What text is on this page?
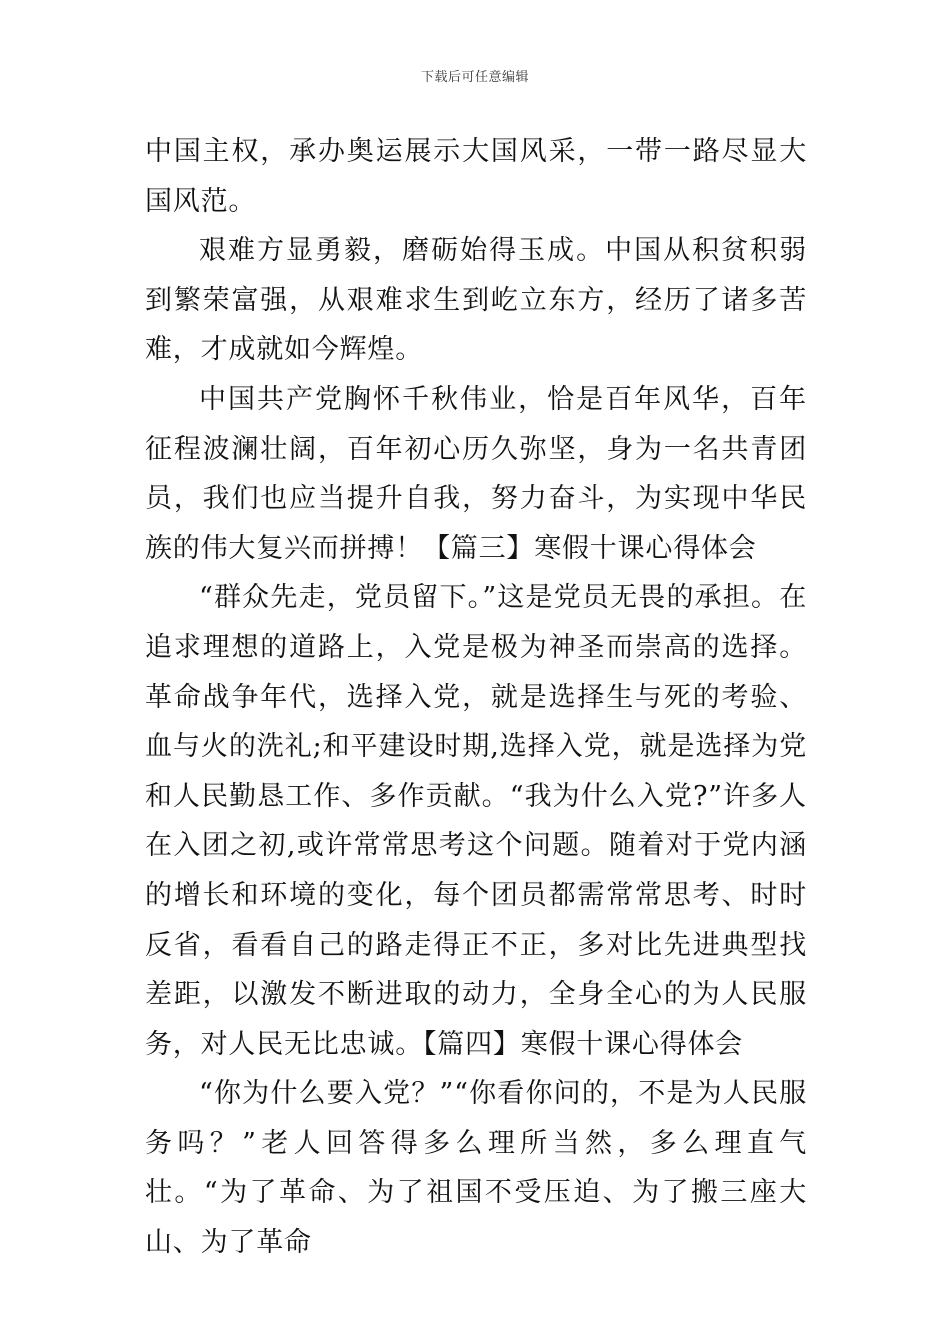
下载后可任意编辑

中国主权，承办奥运展示大国风采，一带一路尽显大国风范。

艰难方显勇毅，磨砺始得玉成。中国从积贫积弱到繁荣富强，从艰难求生到屹立东方，经历了诸多苦难，才成就如今辉煌。

中国共产党胸怀千秋伟业，恰是百年风华，百年征程波澜壮阔，百年初心历久弥坚，身为一名共青团员，我们也应当提升自我，努力奋斗，为实现中华民族的伟大复兴而拼搏！【篇三】寒假十课心得体会

“群众先走，党员留下。”这是党员无畏的承担。在追求理想的道路上，入党是极为神圣而崇高的选择。革命战争年代，选择入党，就是选择生与死的考验、血与火的洗礼;和平建设时期,选择入党，就是选择为党和人民勤恳工作、多作贡献。“我为什么入党?”许多人在入团之初,或许常常思考这个问题。随着对于党内涵的增长和环境的变化，每个团员都需常常思考、时时反省，看看自己的路走得正不正，多对比先进典型找差距，以激发不断进取的动力，全身全心的为人民服务，对人民无比忠诚。【篇四】寒假十课心得体会

“你为什么要入党？”“你看你问的，不是为人民服务吗？”老人回答得多么理所当然，多么理直气壮。“为了革命、为了祖国不受压迫、为了搬三座大山、为了革命
